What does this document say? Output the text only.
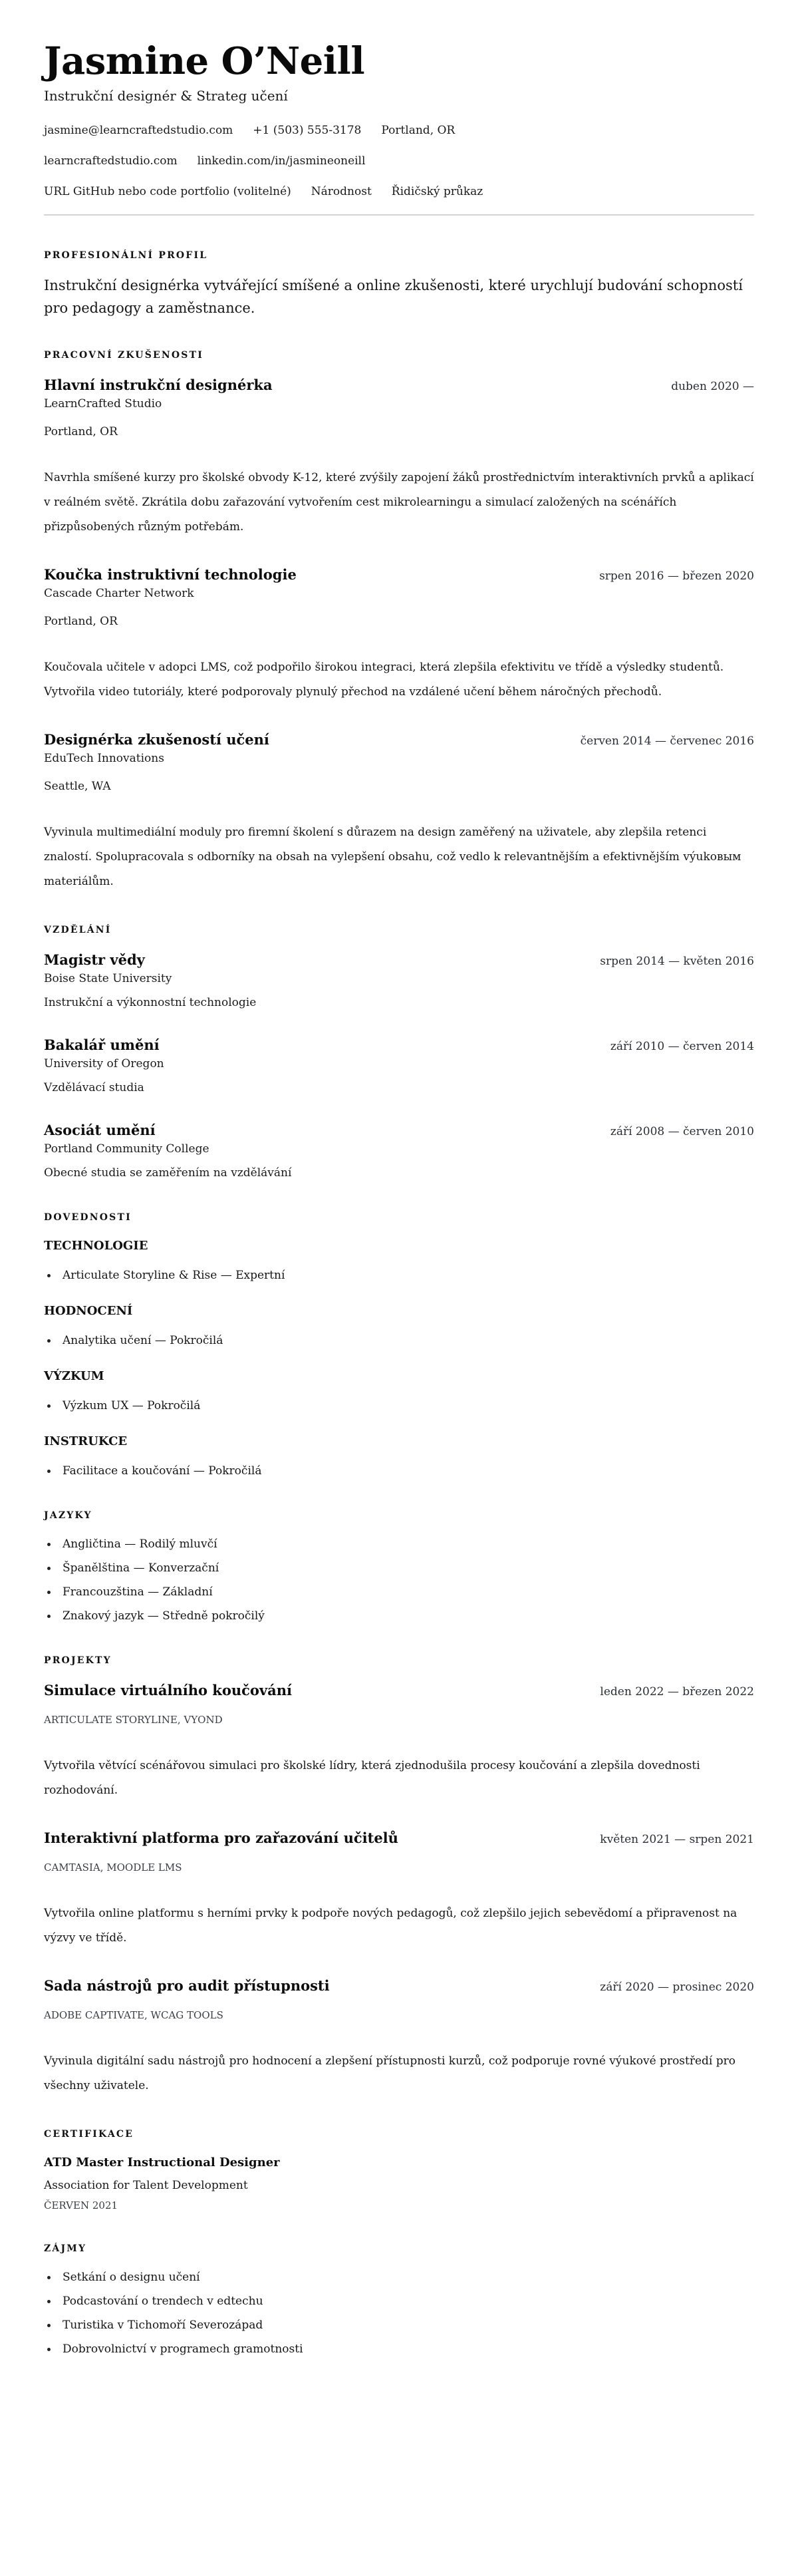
Jasmine O’Neill
Instrukční designér & Strateg učení
jasmine@learncraftedstudio.com +1 (503) 555-3178 Portland, OR
learncraftedstudio.com linkedin.com/in/jasmineoneill
URL GitHub nebo code portfolio (volitelné) Národnost Řidičský průkaz
PROFESIONÁLNÍ PROFIL

Instrukční designérka vytvářející smíšené a online zkušenosti, které urychlují budování schopností pro pedagogy a zaměstnance.

PRACOVNÍ ZKUŠENOSTI
Hlavní instrukční designérka	duben 2020 —
LearnCrafted Studio
Portland, OR

Navrhla smíšené kurzy pro školské obvody K-12, které zvýšily zapojení žáků prostřednictvím interaktivních prvků a aplikací v reálném světě. Zkrátila dobu zařazování vytvořením cest mikrolearningu a simulací založených na scénářích přizpůsobených různým potřebám.

Koučka instruktivní technologie	srpen 2016 — březen 2020
Cascade Charter Network
Portland, OR

Koučovala učitele v adopci LMS, což podpořilo širokou integraci, která zlepšila efektivitu ve třídě a výsledky studentů. Vytvořila video tutoriály, které podporovaly plynulý přechod na vzdálené učení během náročných přechodů.

Designérka zkušeností učení	červen 2014 — červenec 2016
EduTech Innovations
Seattle, WA

Vyvinula multimediální moduly pro firemní školení s důrazem na design zaměřený na uživatele, aby zlepšila retenci znalostí. Spolupracovala s odborníky na obsah na vylepšení obsahu, což vedlo k relevantnějším a efektivnějším výukовым materiálům.

VZDĚLÁNÍ
Magistr vědy	srpen 2014 — květen 2016
Boise State University
Instrukční a výkonnostní technologie
Bakalář umění	září 2010 — červen 2014
University of Oregon
Vzdělávací studia
Asociát umění	září 2008 — červen 2010
Portland Community College
Obecné studia se zaměřením na vzdělávání
DOVEDNOSTI
TECHNOLOGIE
Articulate Storyline & Rise — Expertní
HODNOCENÍ
Analytika učení — Pokročilá
VÝZKUM
Výzkum UX — Pokročilá
INSTRUKCE
Facilitace a koučování — Pokročilá
JAZYKY
Angličtina — Rodilý mluvčí
Španělština — Konverzační
Francouzština — Základní
Znakový jazyk — Středně pokročilý
PROJEKTY
Simulace virtuálního koučování	leden 2022 — březen 2022
ARTICULATE STORYLINE, VYOND

Vytvořila větvící scénářovou simulaci pro školské lídry, která zjednodušila procesy koučování a zlepšila dovednosti rozhodování.

Interaktivní platforma pro zařazování učitelů	květen 2021 — srpen 2021
CAMTASIA, MOODLE LMS

Vytvořila online platformu s herními prvky k podpoře nových pedagogů, což zlepšilo jejich sebevědomí a připravenost na výzvy ve třídě.

Sada nástrojů pro audit přístupnosti	září 2020 — prosinec 2020
ADOBE CAPTIVATE, WCAG TOOLS

Vyvinula digitální sadu nástrojů pro hodnocení a zlepšení přístupnosti kurzů, což podporuje rovné výukové prostředí pro všechny uživatele.

CERTIFIKACE
ATD Master Instructional Designer
Association for Talent Development
ČERVEN 2021
ZÁJMY
Setkání o designu učení
Podcastování o trendech v edtechu
Turistika v Tichomoří Severozápad
Dobrovolnictví v programech gramotnosti
